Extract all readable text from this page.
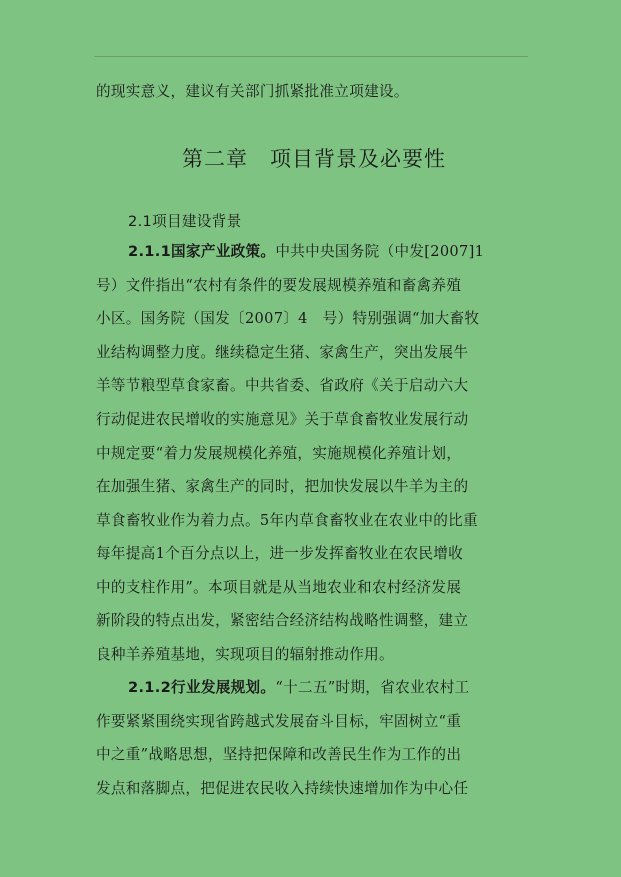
的现实意义，建议有关部门抓紧批准立项建设。
第二章　项目背景及必要性
2.1项目建设背景
2.1.1国家产业政策。中共中央国务院（中发[2007]1
号）文件指出“农村有条件的要发展规模养殖和畜禽养殖
小区。国务院（国发〔2007〕4　号）特别强调“加大畜牧
业结构调整力度。继续稳定生猪、家禽生产，突出发展牛
羊等节粮型草食家畜。中共省委、省政府《关于启动六大
行动促进农民增收的实施意见》关于草食畜牧业发展行动
中规定要“着力发展规模化养殖，实施规模化养殖计划，
在加强生猪、家禽生产的同时，把加快发展以牛羊为主的
草食畜牧业作为着力点。5年内草食畜牧业在农业中的比重
每年提高1个百分点以上，进一步发挥畜牧业在农民增收
中的支柱作用”。本项目就是从当地农业和农村经济发展
新阶段的特点出发，紧密结合经济结构战略性调整，建立
良种羊养殖基地，实现项目的辐射推动作用。
2.1.2行业发展规划。“十二五”时期，省农业农村工
作要紧紧围绕实现省跨越式发展奋斗目标，牢固树立“重
中之重”战略思想，坚持把保障和改善民生作为工作的出
发点和落脚点，把促进农民收入持续快速增加作为中心任
